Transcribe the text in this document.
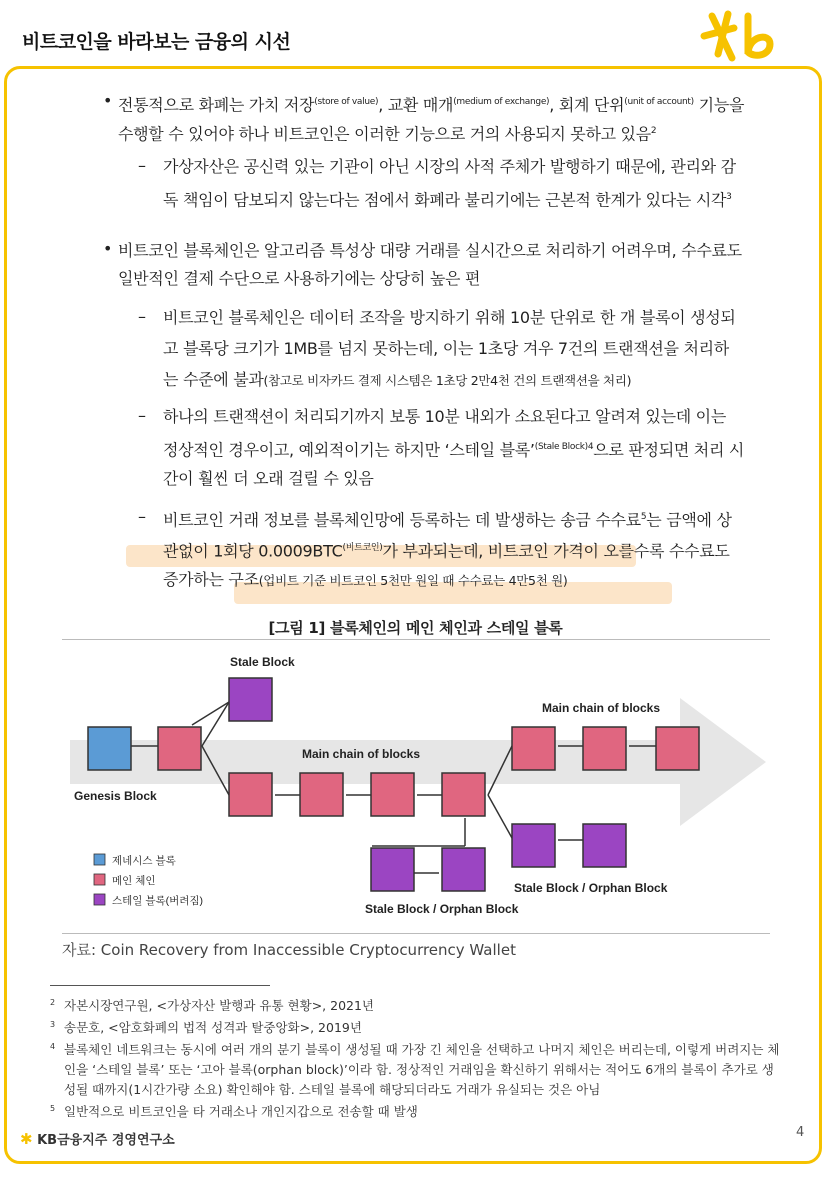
비트코인을 바라보는 금융의 시선
• 전통적으로 화폐는 가치 저장$^{(store of value)}$, 교환 매개$^{(medium of exchange)}$, 회계 단위$^{(unit of account)}$ 기능을
수행할 수 있어야 하나 비트코인은 이러한 기능으로 거의 사용되지 못하고 있음$^2$
– 가상자산은 공신력 있는 기관이 아닌 시장의 사적 주체가 발행하기 때문에, 관리와 감
독 책임이 담보되지 않는다는 점에서 화폐라 불리기에는 근본적 한계가 있다는 시각$^3$
• 비트코인 블록체인은 알고리즘 특성상 대량 거래를 실시간으로 처리하기 어려우며, 수수료도
일반적인 결제 수단으로 사용하기에는 상당히 높은 편
– 비트코인 블록체인은 데이터 조작을 방지하기 위해 10분 단위로 한 개 블록이 생성되
고 블록당 크기가 1MB를 넘지 못하는데, 이는 1초당 겨우 7건의 트랜잭션을 처리하
는 수준에 불과(참고로 비자카드 결제 시스템은 1초당 2만4천 건의 트랜잭션을 처리)
– 하나의 트랜잭션이 처리되기까지 보통 10분 내외가 소요된다고 알려져 있는데 이는
정상적인 경우이고, 예외적이기는 하지만 ‘스테일 블록’$^{(Stale Block)4}$으로 판정되면 처리 시
간이 훨씬 더 오래 걸릴 수 있음
– 비트코인 거래 정보를 블록체인망에 등록하는 데 발생하는 송금 수수료$^5$는 금액에 상
관없이 1회당 $0.0009BTC^{(비트코인)}$가 부과되는데, 비트코인 가격이 오를수록 수수료도
증가하는 구조(업비트 기준 비트코인 5천만 원일 때 수수료는 4만5천 원)
[그림 1] 블록체인의 메인 체인과 스테일 블록
Stale Block
Main chain of blocks
Main chain of blocks
Genesis Block
Stale Block / Orphan Block
Stale Block / Orphan Block
제네시스 블록
메인 체인
스테일 블록(버려짐)
자료: Coin Recovery from Inaccessible Cryptocurrency Wallet
2 자본시장연구원, <가상자산 발행과 유통 현황>, 2021년
3 송문호, <암호화폐의 법적 성격과 탈중앙화>, 2019년
4 블록체인 네트워크는 동시에 여러 개의 분기 블록이 생성될 때 가장 긴 체인을 선택하고 나머지 체인은 버리는데, 이렇게 버려지는 체인을 ‘스테일 블록’ 또는 ‘고아 블록(orphan block)’이라 함. 정상적인 거래임을 확신하기 위해서는 적어도 6개의 블록이 추가로 생성될 때까지(1시간가량 소요) 확인해야 함. 스테일 블록에 해당되더라도 거래가 유실되는 것은 아님
5 일반적으로 비트코인을 타 거래소나 개인지갑으로 전송할 때 발생
✱ KB금융지주 경영연구소
4
